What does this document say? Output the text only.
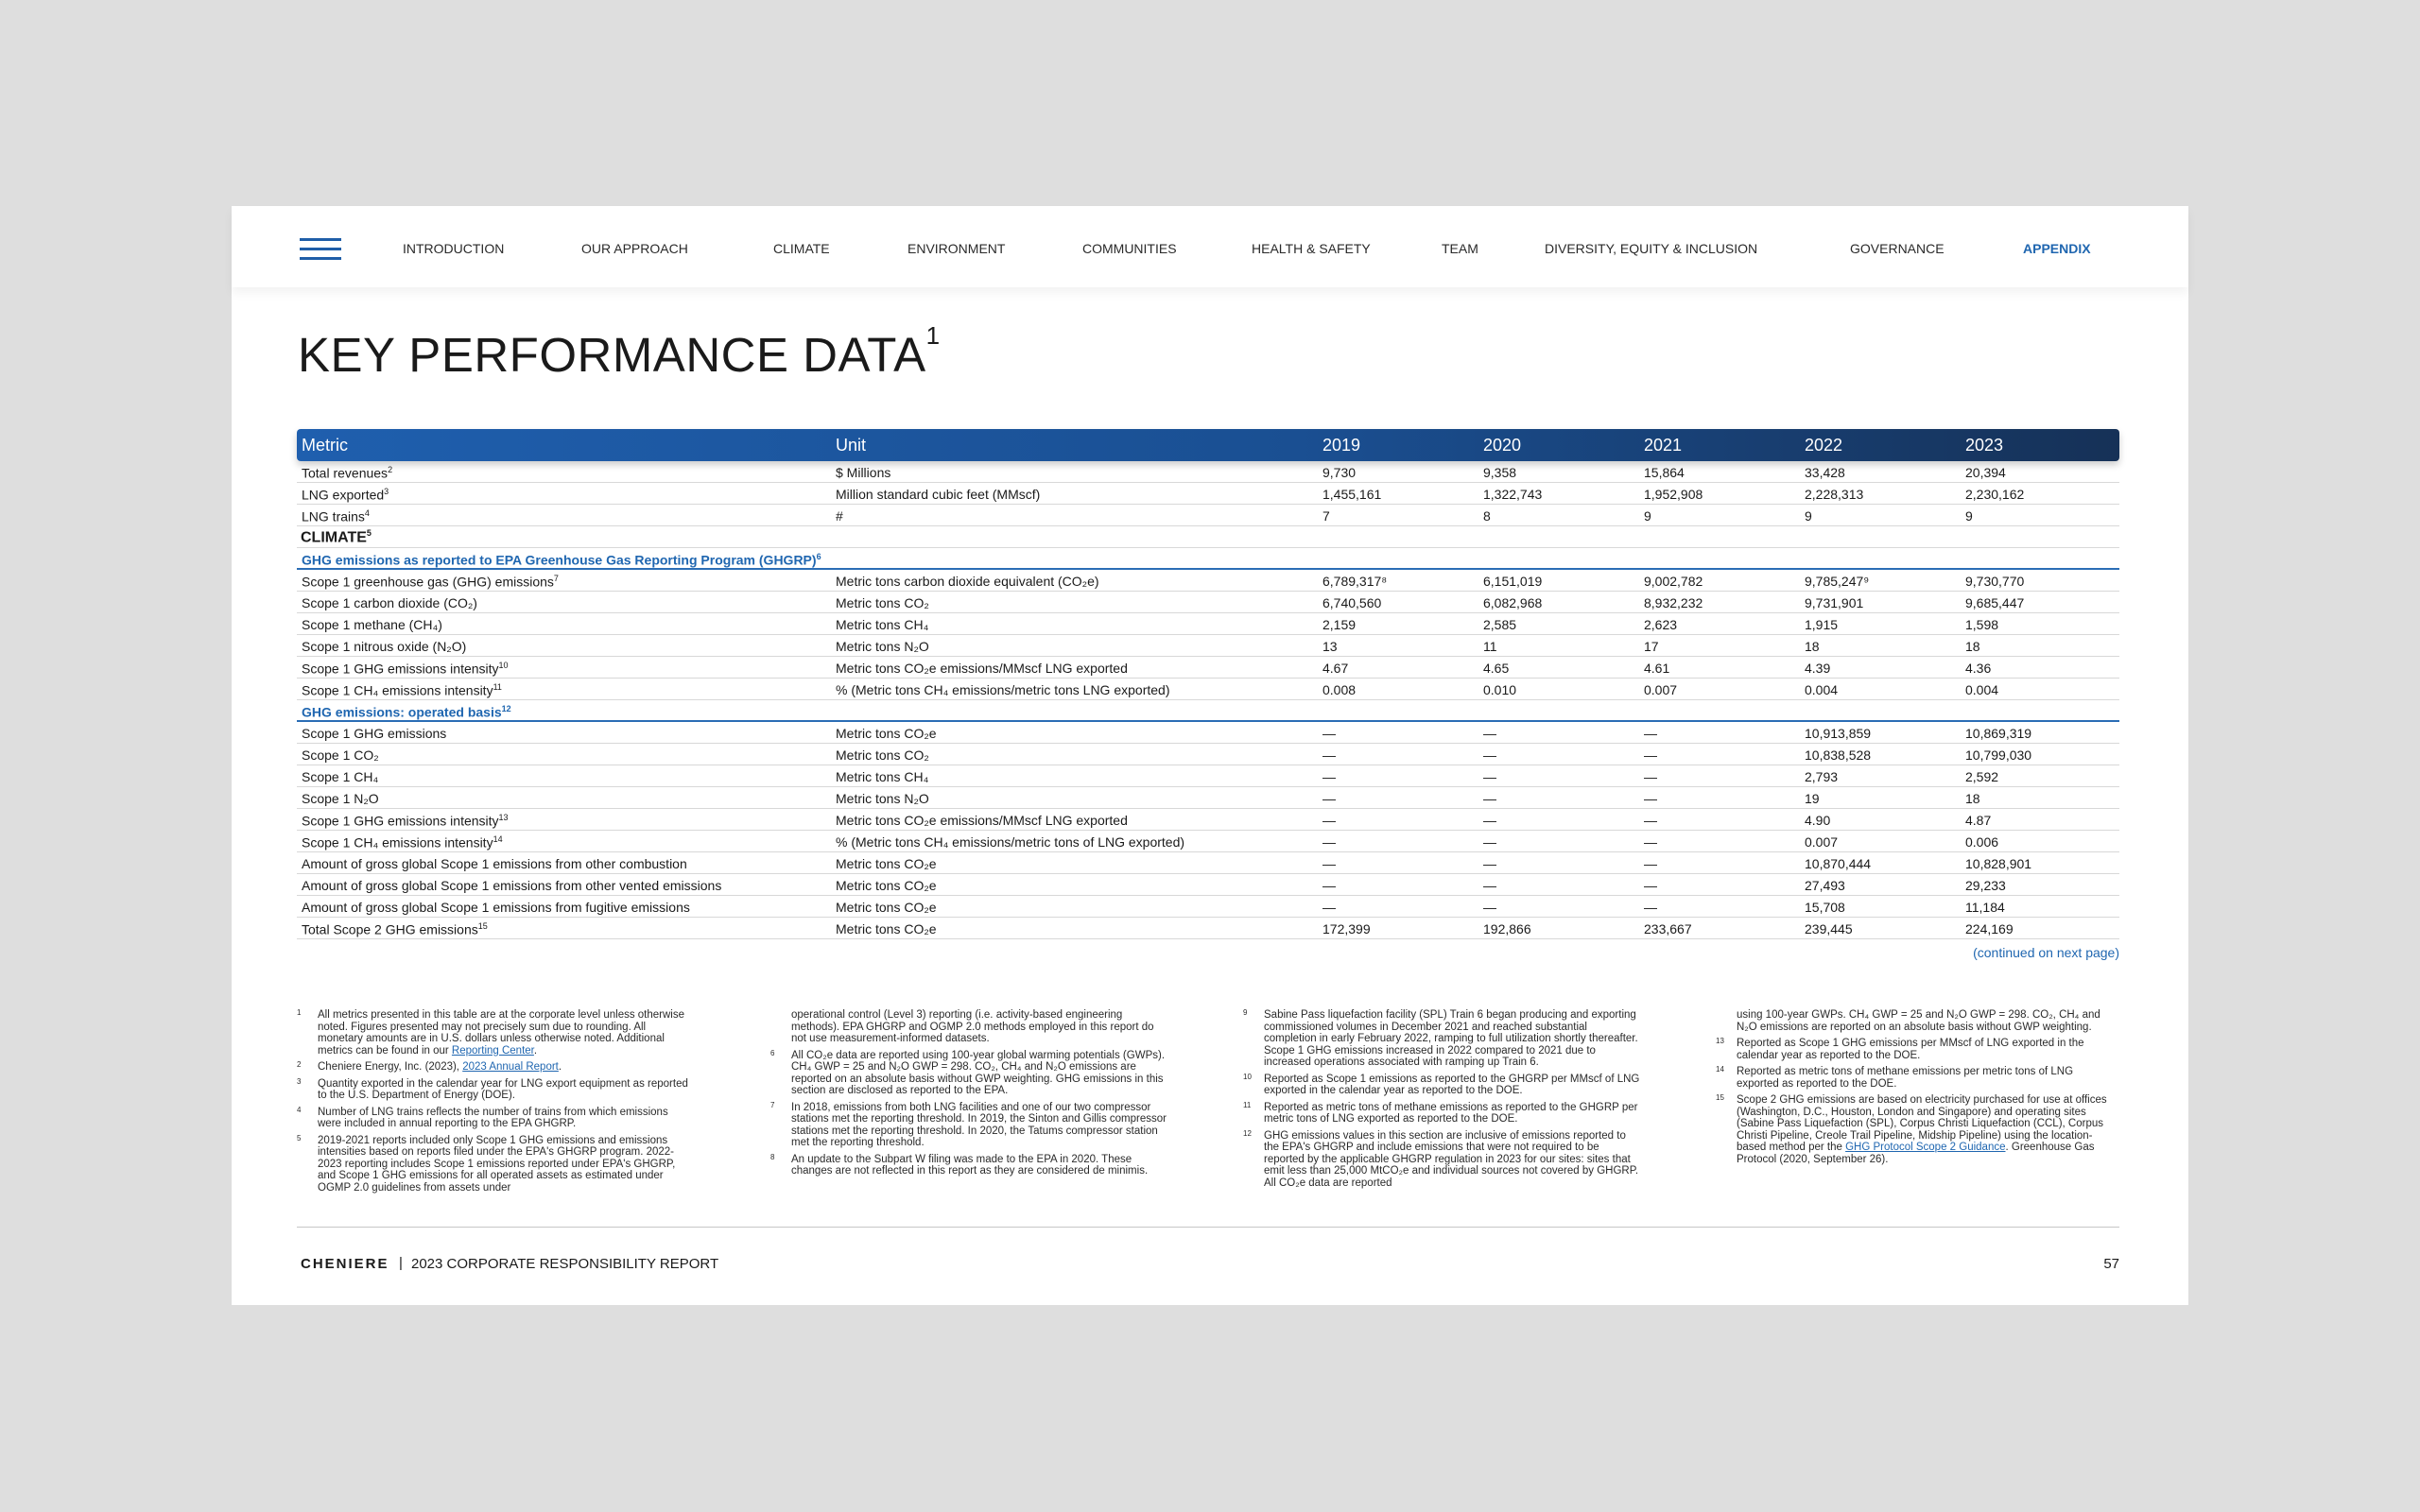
INTRODUCTION	OUR APPROACH	CLIMATE	ENVIRONMENT	COMMUNITIES	HEALTH & SAFETY	TEAM	DIVERSITY, EQUITY & INCLUSION	GOVERNANCE	APPENDIX
KEY PERFORMANCE DATA$^1$
Metric	Unit	2019	2020	2021	2022	2023
Total revenues$^2$	$ Millions	9,730	9,358	15,864	33,428	20,394
LNG exported$^3$	Million standard cubic feet (MMscf)	1,455,161	1,322,743	1,952,908	2,228,313	2,230,162
LNG trains$^4$	#	7	8	9	9	9
CLIMATE$^5$
GHG emissions as reported to EPA Greenhouse Gas Reporting Program (GHGRP)$^6$
Scope 1 greenhouse gas (GHG) emissions$^7$	Metric tons carbon dioxide equivalent (CO₂e)	6,789,317⁸	6,151,019	9,002,782	9,785,247⁹	9,730,770
Scope 1 carbon dioxide (CO₂)	Metric tons CO₂	6,740,560	6,082,968	8,932,232	9,731,901	9,685,447
Scope 1 methane (CH₄)	Metric tons CH₄	2,159	2,585	2,623	1,915	1,598
Scope 1 nitrous oxide (N₂O)	Metric tons N₂O	13	11	17	18	18
Scope 1 GHG emissions intensity$^{10}$	Metric tons CO₂e emissions/MMscf LNG exported	4.67	4.65	4.61	4.39	4.36
Scope 1 CH₄ emissions intensity$^{11}$	% (Metric tons CH₄ emissions/metric tons LNG exported)	0.008	0.010	0.007	0.004	0.004
GHG emissions: operated basis$^{12}$
Scope 1 GHG emissions	Metric tons CO₂e	—	—	—	10,913,859	10,869,319
Scope 1 CO₂	Metric tons CO₂	—	—	—	10,838,528	10,799,030
Scope 1 CH₄	Metric tons CH₄	—	—	—	2,793	2,592
Scope 1 N₂O	Metric tons N₂O	—	—	—	19	18
Scope 1 GHG emissions intensity$^{13}$	Metric tons CO₂e emissions/MMscf LNG exported	—	—	—	4.90	4.87
Scope 1 CH₄ emissions intensity$^{14}$	% (Metric tons CH₄ emissions/metric tons of LNG exported)	—	—	—	0.007	0.006
Amount of gross global Scope 1 emissions from other combustion	Metric tons CO₂e	—	—	—	10,870,444	10,828,901
Amount of gross global Scope 1 emissions from other vented emissions	Metric tons CO₂e	—	—	—	27,493	29,233
Amount of gross global Scope 1 emissions from fugitive emissions	Metric tons CO₂e	—	—	—	15,708	11,184
Total Scope 2 GHG emissions$^{15}$	Metric tons CO₂e	172,399	192,866	233,667	239,445	224,169
(continued on next page)
1 All metrics presented in this table are at the corporate level unless otherwise noted. Figures presented may not precisely sum due to rounding. All monetary amounts are in U.S. dollars unless otherwise noted. Additional metrics can be found in our Reporting Center.
2 Cheniere Energy, Inc. (2023), 2023 Annual Report.
3 Quantity exported in the calendar year for LNG export equipment as reported to the U.S. Department of Energy (DOE).
4 Number of LNG trains reflects the number of trains from which emissions were included in annual reporting to the EPA GHGRP.
5 2019-2021 reports included only Scope 1 GHG emissions and emissions intensities based on reports filed under the EPA's GHGRP program. 2022-2023 reporting includes Scope 1 emissions reported under EPA's GHGRP, and Scope 1 GHG emissions for all operated assets as estimated under OGMP 2.0 guidelines from assets under
operational control (Level 3) reporting (i.e. activity-based engineering methods). EPA GHGRP and OGMP 2.0 methods employed in this report do not use measurement-informed datasets.
6 All CO₂e data are reported using 100-year global warming potentials (GWPs). CH₄ GWP = 25 and N₂O GWP = 298. CO₂, CH₄ and N₂O emissions are reported on an absolute basis without GWP weighting. GHG emissions in this section are disclosed as reported to the EPA.
7 In 2018, emissions from both LNG facilities and one of our two compressor stations met the reporting threshold. In 2019, the Sinton and Gillis compressor stations met the reporting threshold. In 2020, the Tatums compressor station met the reporting threshold.
8 An update to the Subpart W filing was made to the EPA in 2020. These changes are not reflected in this report as they are considered de minimis.
9 Sabine Pass liquefaction facility (SPL) Train 6 began producing and exporting commissioned volumes in December 2021 and reached substantial completion in early February 2022, ramping to full utilization shortly thereafter. Scope 1 GHG emissions increased in 2022 compared to 2021 due to increased operations associated with ramping up Train 6.
10 Reported as Scope 1 emissions as reported to the GHGRP per MMscf of LNG exported in the calendar year as reported to the DOE.
11 Reported as metric tons of methane emissions as reported to the GHGRP per metric tons of LNG exported as reported to the DOE.
12 GHG emissions values in this section are inclusive of emissions reported to the EPA's GHGRP and include emissions that were not required to be reported by the applicable GHGRP regulation in 2023 for our sites: sites that emit less than 25,000 MtCO₂e and individual sources not covered by GHGRP. All CO₂e data are reported
using 100-year GWPs. CH₄ GWP = 25 and N₂O GWP = 298. CO₂, CH₄ and N₂O emissions are reported on an absolute basis without GWP weighting.
13 Reported as Scope 1 GHG emissions per MMscf of LNG exported in the calendar year as reported to the DOE.
14 Reported as metric tons of methane emissions per metric tons of LNG exported as reported to the DOE.
15 Scope 2 GHG emissions are based on electricity purchased for use at offices (Washington, D.C., Houston, London and Singapore) and operating sites (Sabine Pass Liquefaction (SPL), Corpus Christi Liquefaction (CCL), Corpus Christi Pipeline, Creole Trail Pipeline, Midship Pipeline) using the location-based method per the GHG Protocol Scope 2 Guidance. Greenhouse Gas Protocol (2020, September 26).
CHENIERE | 2023 CORPORATE RESPONSIBILITY REPORT	57
